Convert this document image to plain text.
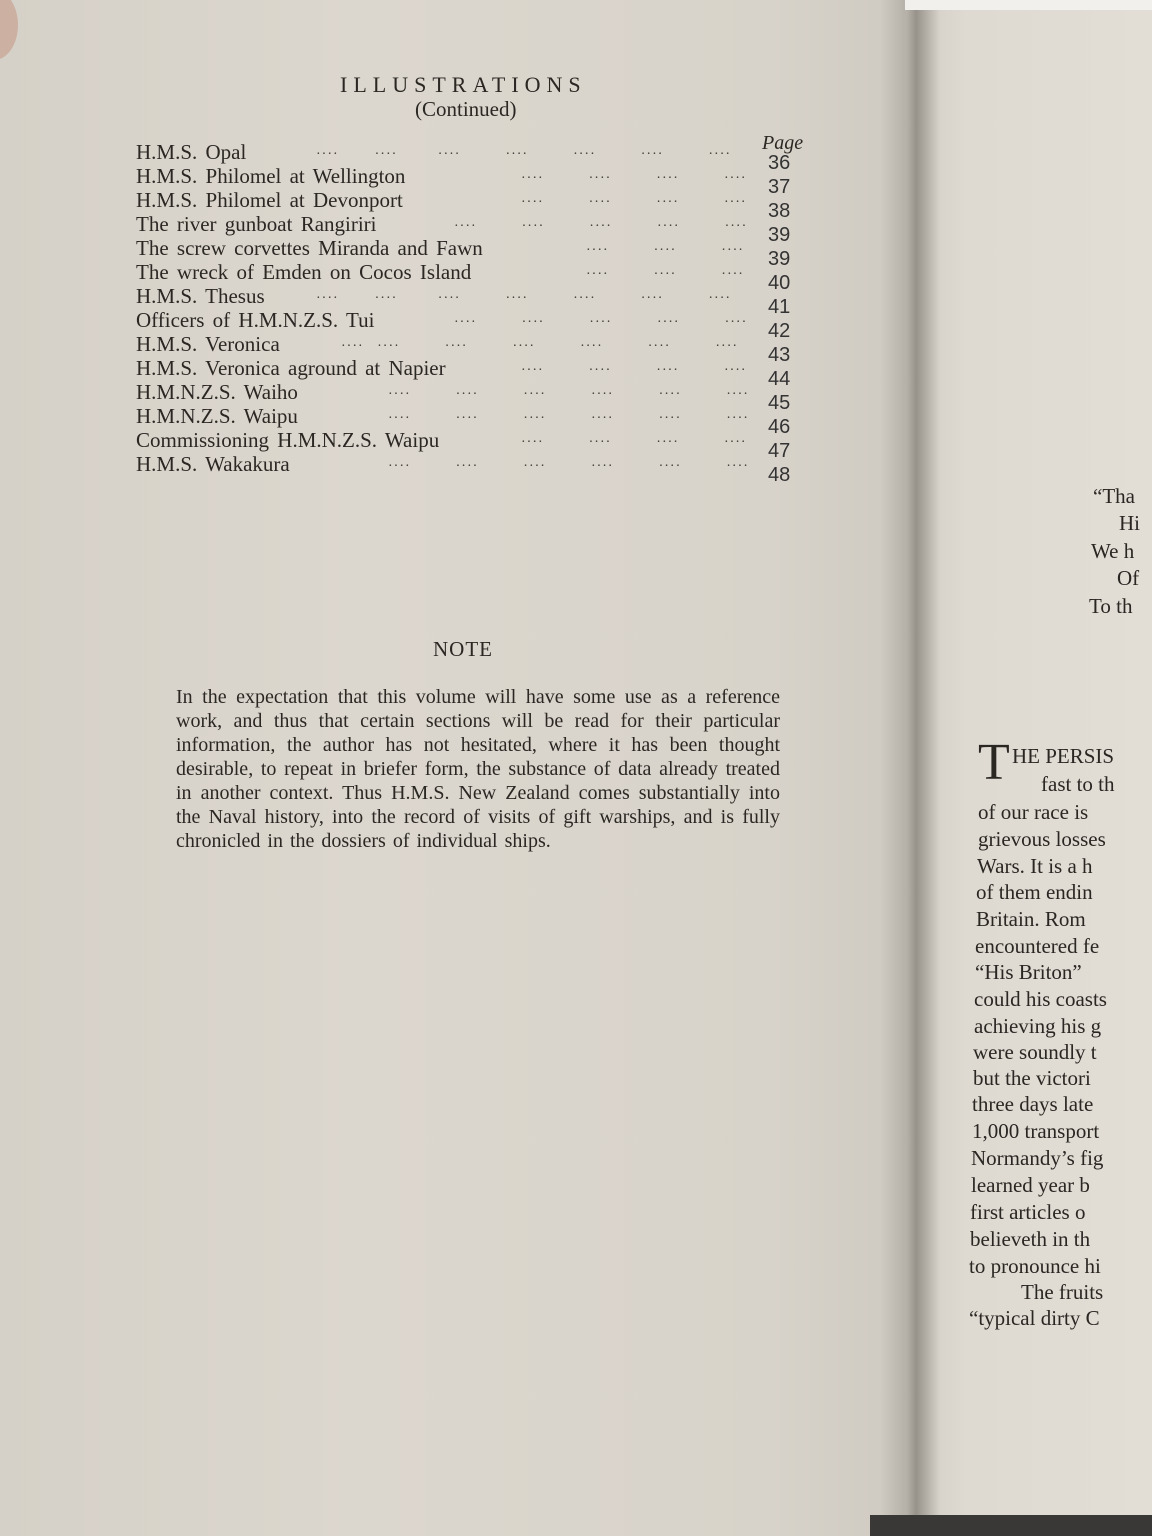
ILLUSTRATIONS
(Continued)
Page
H.M.S. Opal	····        ····         ····          ····          ····          ····          ···· 36
H.M.S. Philomel at Wellington	····          ····          ····          ···· 37
H.M.S. Philomel at Devonport	····          ····          ····          ···· 38
The river gunboat Rangiriri	····          ····          ····          ····          ···· 39
The screw corvettes Miranda and Fawn	····          ····          ···· 39
The wreck of Emden on Cocos Island	····          ····          ···· 40
H.M.S. Thesus	····        ····         ····          ····          ····          ····          ···· 41
Officers of H.M.N.Z.S. Tui	····          ····          ····          ····          ···· 42
H.M.S. Veronica	····   ····          ····          ····          ····          ····          ···· 43
H.M.S. Veronica aground at Napier	····          ····          ····          ···· 44
H.M.N.Z.S. Waiho	····          ····          ····          ····          ····          ···· 45
H.M.N.Z.S. Waipu	····          ····          ····          ····          ····          ···· 46
Commissioning H.M.N.Z.S. Waipu	····          ····          ····          ···· 47
H.M.S. Wakakura	····          ····          ····          ····          ····          ···· 48
NOTE
In the expectation that this volume will have some use as a reference work, and thus that certain sections will be read for their particular information, the author has not hesitated, where it has been thought desirable, to repeat in briefer form, the substance of data already treated in another context. Thus H.M.S. New Zealand comes substantially into the Naval history, into the record of visits of gift warships, and is fully chronicled in the dossiers of individual ships.
“Tha
Hi
We h
Of
To th
T HE PERSIS
fast to th
of our race is
grievous losses
Wars. It is a h
of them endin
Britain. Rom
encountered fe
“His Briton”
could his coasts
achieving his g
were soundly t
but the victori
three days late
1,000 transport
Normandy’s fig
learned year b
first articles o
believeth in th
to pronounce hi
The fruits
“typical dirty C
